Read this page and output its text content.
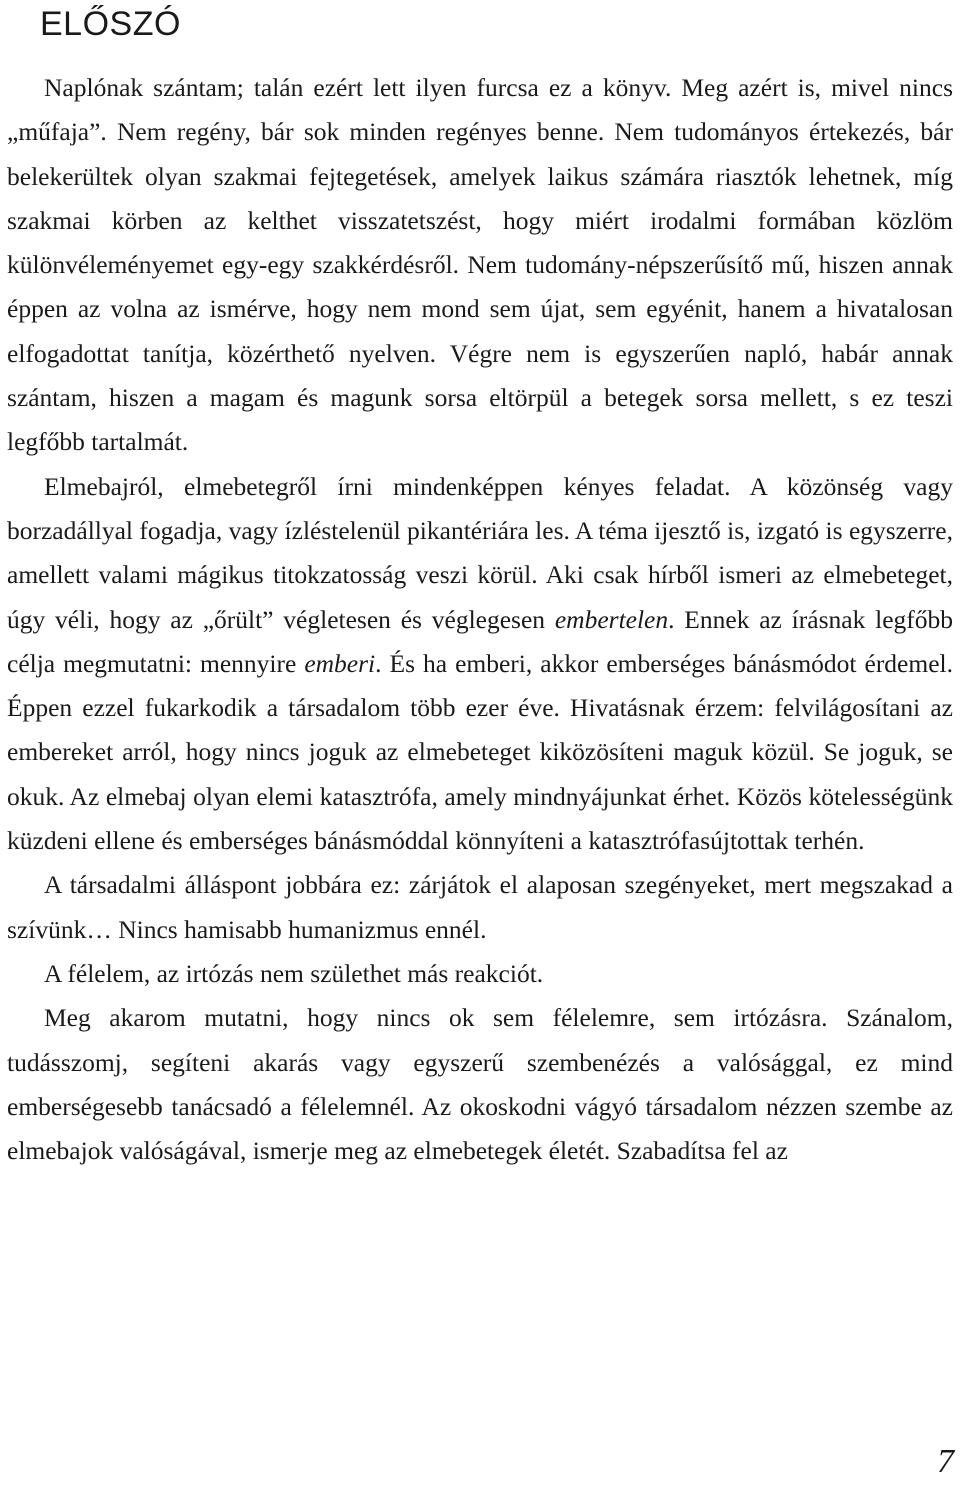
ELŐSZÓ

Naplónak szántam; talán ezért lett ilyen furcsa ez a könyv. Meg azért is, mivel nincs „műfaja”. Nem regény, bár sok minden regényes benne. Nem tudományos értekezés, bár belekerültek olyan szakmai fejtegetések, amelyek laikus számára riasztók lehetnek, míg szakmai körben az kelthet visszatetszést, hogy miért irodalmi formában közlöm különvéleményemet egy-egy szakkérdésről. Nem tudomány-népszerűsítő mű, hiszen annak éppen az volna az ismérve, hogy nem mond sem újat, sem egyénit, hanem a hivatalosan elfogadottat tanítja, közérthető nyelven. Végre nem is egyszerűen napló, habár annak szántam, hiszen a magam és magunk sorsa eltörpül a betegek sorsa mellett, s ez teszi legfőbb tartalmát.

Elmebajról, elmebetegről írni mindenképpen kényes feladat. A közönség vagy borzadállyal fogadja, vagy ízléstelenül pikantériára les. A téma ijesztő is, izgató is egyszerre, amellett valami mágikus titokzatosság veszi körül. Aki csak hírből ismeri az elmebeteget, úgy véli, hogy az „őrült” végletesen és véglegesen embertelen. Ennek az írásnak legfőbb célja megmutatni: mennyire emberi. És ha emberi, akkor emberséges bánásmódot érdemel. Éppen ezzel fukarkodik a társadalom több ezer éve. Hivatásnak érzem: felvilágosítani az embereket arról, hogy nincs joguk az elmebeteget kiközösíteni maguk közül. Se joguk, se okuk. Az elmebaj olyan elemi katasztrófa, amely mindnyájunkat érhet. Közös kötelességünk küzdeni ellene és emberséges bánásmóddal könnyíteni a katasztrófasújtottak terhén.

A társadalmi álláspont jobbára ez: zárjátok el alaposan szegényeket, mert megszakad a szívünk… Nincs hamisabb humanizmus ennél.

A félelem, az irtózás nem születhet más reakciót.

Meg akarom mutatni, hogy nincs ok sem félelemre, sem irtózásra. Szánalom, tudásszomj, segíteni akarás vagy egyszerű szembenézés a valósággal, ez mind emberségesebb tanácsadó a félelemnél. Az okoskodni vágyó társadalom nézzen szembe az elmebajok valóságával, ismerje meg az elmebetegek életét. Szabadítsa fel az

7
